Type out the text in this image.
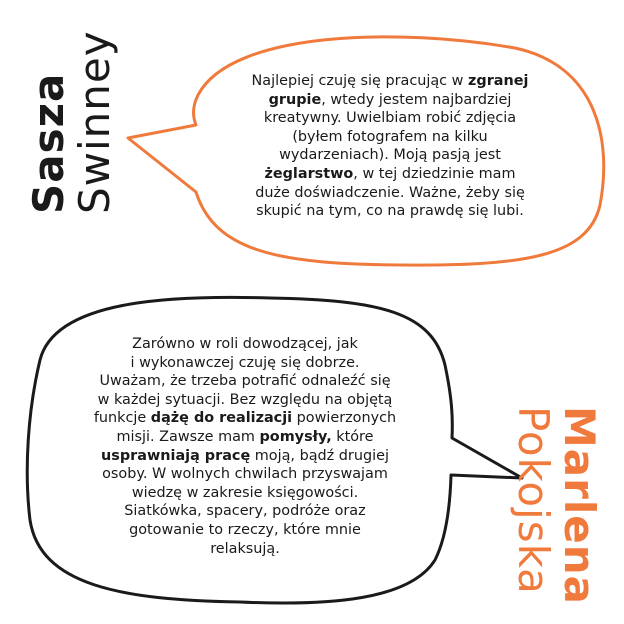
Sasza
Swinney
Marlena
Pokojska

Najlepiej czuję się pracując w zgranej

grupie, wtedy jestem najbardziej

kreatywny. Uwielbiam robić zdjęcia

(byłem fotografem na kilku

wydarzeniach). Moją pasją jest

żeglarstwo, w tej dziedzinie mam

duże doświadczenie. Ważne, żeby się

skupić na tym, co na prawdę się lubi.

Zarówno w roli dowodzącej, jak

i wykonawczej czuję się dobrze.

Uważam, że trzeba potrafić odnaleźć się

w każdej sytuacji. Bez względu na objętą

funkcje dążę do realizacji powierzonych

misji. Zawsze mam pomysły, które

usprawniają pracę moją, bądź drugiej

osoby. W wolnych chwilach przyswajam

wiedzę w zakresie księgowości.

Siatkówka, spacery, podróże oraz

gotowanie to rzeczy, które mnie

relaksują.
